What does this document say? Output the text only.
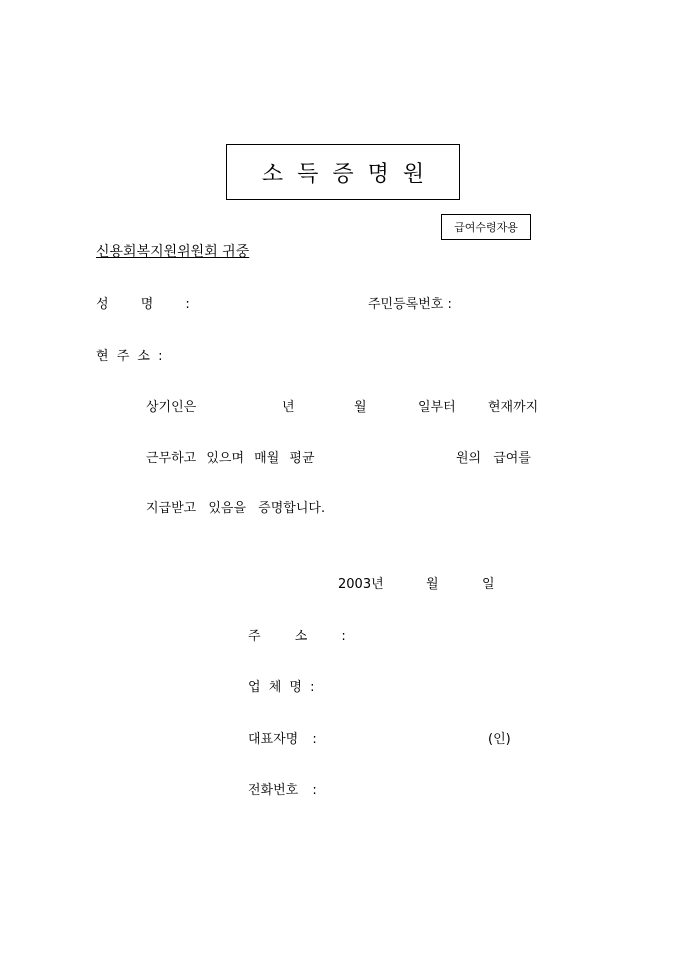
소득증명원
급여수령자용
신용회복지원위원회 귀중
성 명 :	주민등록번호 :
현 주 소 :
상기인은	년	월	일부터 현재까지
근무하고 있으며 매월 평균	원의 급여를
지급받고 있음을 증명합니다.
2003년	월	일
주 소 :
업 체 명 :
대표자명 :	(인)
전화번호 :
